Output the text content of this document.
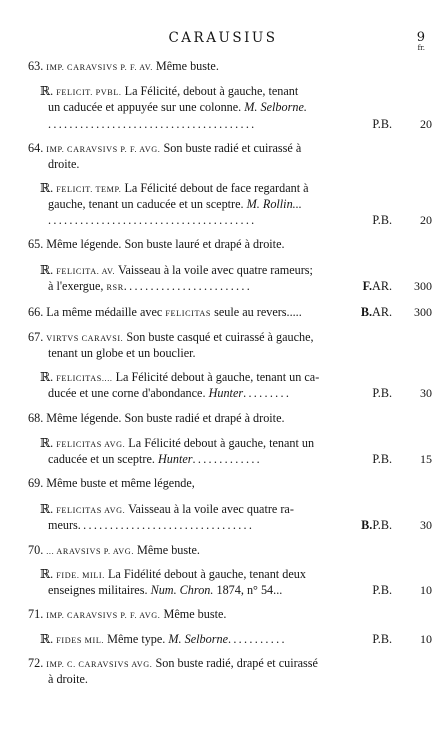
CARAUSIUS	9
fr.
63. IMP. CARAVSIVS P. F. AV. Même buste.
ℝ. FELICIT. PVBL. La Félicité, debout à gauche, tenant
un caducée et appuyée sur une colonne. M. Selborne.
.......................................	P.B. 20
64. IMP. CARAVSIVS P. F. AVG. Son buste radié et cuirassé à
droite.
ℝ. FELICIT. TEMP. La Félicité debout de face regardant à
gauche, tenant un caducée et un sceptre. M. Rollin...
.......................................	P.B. 20
65. Même légende. Son buste lauré et drapé à droite.
ℝ. FELICITA. AV. Vaisseau à la voile avec quatre rameurs;
à l'exergue, RSR........................	F.AR. 300
66. La même médaille avec FELICITAS seule au revers.....	B.AR. 300
67. VIRTVS CARAVSI. Son buste casqué et cuirassé à gauche,
tenant un globe et un bouclier.
ℝ. FELICITAS.... La Félicité debout à gauche, tenant un ca-
ducée et une corne d'abondance. Hunter.........	P.B. 30
68. Même légende. Son buste radié et drapé à droite.
ℝ. FELICITAS AVG. La Félicité debout à gauche, tenant un
caducée et un sceptre. Hunter.............	P.B. 15
69. Même buste et même légende,
ℝ. FELICITAS AVG. Vaisseau à la voile avec quatre ra-
meurs.................................	B.P.B. 30
70. ... ARAVSIVS P. AVG. Même buste.
ℝ. FIDE. MILI. La Fidélité debout à gauche, tenant deux
enseignes militaires. Num. Chron. 1874, n° 54...	P.B. 10
71. IMP. CARAVSIVS P. F. AVG. Même buste.
ℝ. FIDES MIL. Même type. M. Selborne...........	P.B. 10
72. IMP. C. CARAVSIVS AVG. Son buste radié, drapé et cuirassé
à droite.
